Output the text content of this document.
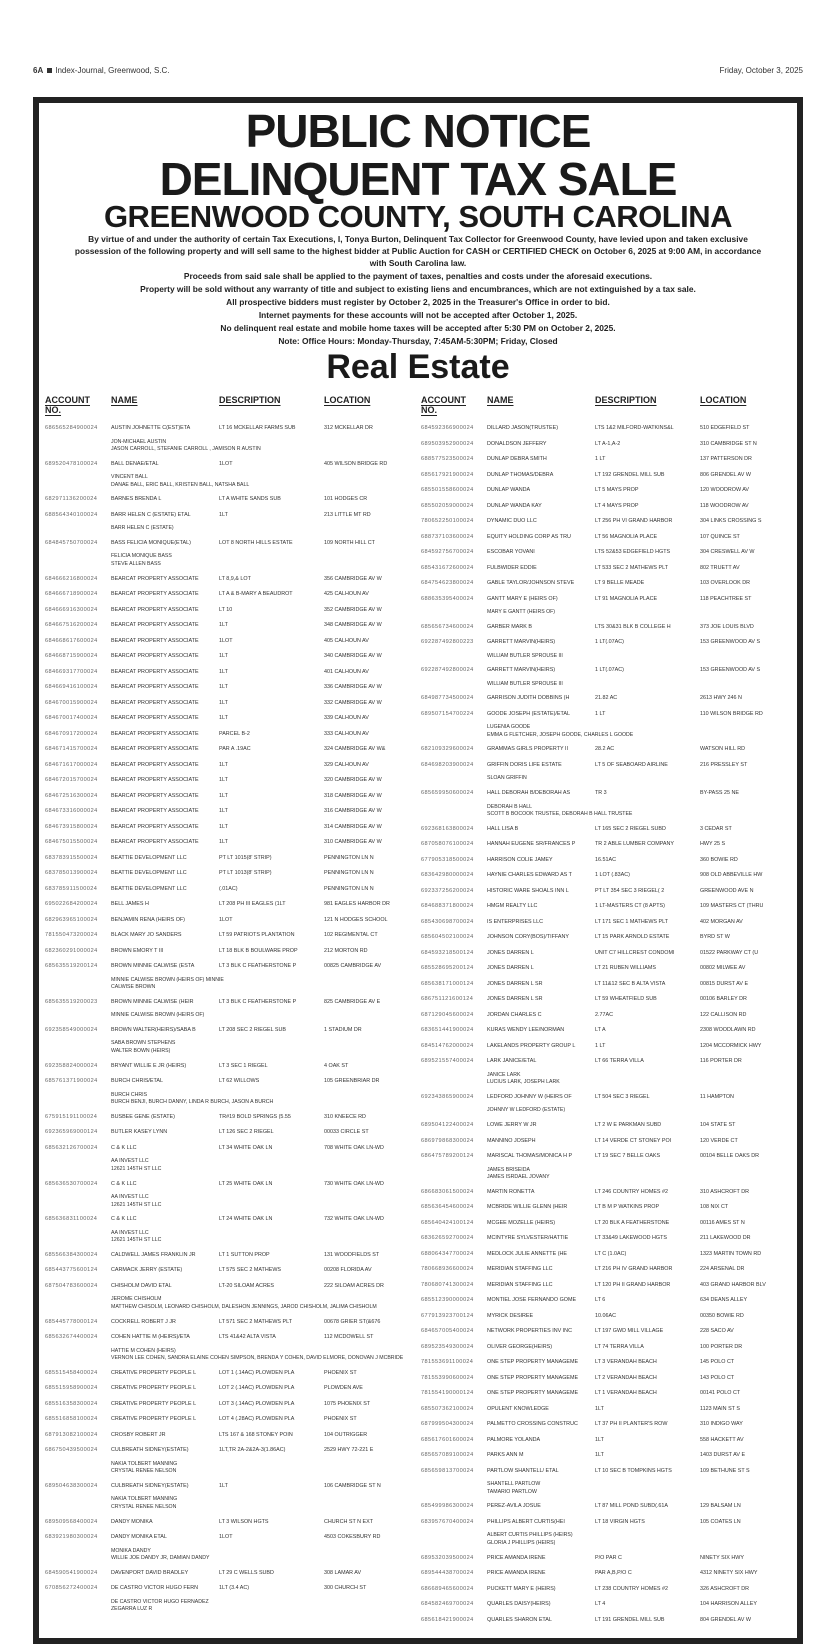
6A Index-Journal, Greenwood, S.C.	Friday, October 3, 2025
PUBLIC NOTICE
DELINQUENT TAX SALE
GREENWOOD COUNTY, SOUTH CAROLINA
By virtue of and under the authority of certain Tax Executions, I, Tonya Burton, Delinquent Tax Collector for Greenwood County, have levied upon and taken exclusive possession of the following property and will sell same to the highest bidder at Public Auction for CASH or CERTIFIED CHECK on October 6, 2025 at 9:00 AM, in accordance with South Carolina law.
Proceeds from said sale shall be applied to the payment of taxes, penalties and costs under the aforesaid executions.
Property will be sold without any warranty of title and subject to existing liens and encumbrances, which are not extinguished by a tax sale.
All prospective bidders must register by October 2, 2025 in the Treasurer's Office in order to bid.
Internet payments for these accounts will not be accepted after October 1, 2025.
No delinquent real estate and mobile home taxes will be accepted after 5:30 PM on October 2, 2025.
Note: Office Hours: Monday-Thursday, 7:45AM-5:30PM; Friday, Closed
Real Estate
ACCOUNT NO.
NAME	DESCRIPTION	LOCATION
686565284900024	AUSTIN JOHNETTE C(EST)ETA	LT 16 MCKELLAR FARMS SUB	312 MCKELLAR DR
JON-MICHAEL AUSTIN
JASON CARROLL, STEFANIE CARROLL , JAMISON R AUSTIN
689520478100024	BALL DENAE/ETAL	1LOT	405 WILSON BRIDGE RD
VINCENT BALL
DANAE BALL, ERIC BALL, KRISTEN BALL, NATSHA BALL
682971136200024	BARNES BRENDA L	LT A WHITE SANDS SUB	101 HODGES CR
688564340100024	BARR HELEN C (ESTATE) ETAL	1LT	213 LITTLE MT RD
BARR HELEN C (ESTATE)
684845750700024	BASS FELICIA MONIQUE(ETAL)	LOT 8 NORTH HILLS ESTATE	109 NORTH HILL CT
FELICIA MONIQUE BASS
STEVE ALLEN BASS
684666216800024	BEARCAT PROPERTY ASSOCIATE	LT 8,9,& LOT	356 CAMBRIDGE AV W
684666718900024	BEARCAT PROPERTY ASSOCIATE	LT A & B-MARY A BEAUDROT	425 CALHOUN AV
684666916300024	BEARCAT PROPERTY ASSOCIATE	LT 10	352 CAMBRIDGE AV W
684667516200024	BEARCAT PROPERTY ASSOCIATE	1LT	348 CAMBRIDGE AV W
684668617600024	BEARCAT PROPERTY ASSOCIATE	1LOT	405 CALHOUN AV
684668715900024	BEARCAT PROPERTY ASSOCIATE	1LT	340 CAMBRIDGE AV W
684669317700024	BEARCAT PROPERTY ASSOCIATE	1LT	401 CALHOUN AV
684669416100024	BEARCAT PROPERTY ASSOCIATE	1LT	336 CAMBRIDGE AV W
684670015900024	BEARCAT PROPERTY ASSOCIATE	1LT	332 CAMBRIDGE AV W
684670017400024	BEARCAT PROPERTY ASSOCIATE	1LT	339 CALHOUN AV
684670917200024	BEARCAT PROPERTY ASSOCIATE	PARCEL B-2	333 CALHOUN AV
684671415700024	BEARCAT PROPERTY ASSOCIATE	PAR A .19AC	324 CAMBRIDGE AV W&
684671617000024	BEARCAT PROPERTY ASSOCIATE	1LT	329 CALHOUN AV
684672015700024	BEARCAT PROPERTY ASSOCIATE	1LT	320 CAMBRIDGE AV W
684672516300024	BEARCAT PROPERTY ASSOCIATE	1LT	318 CAMBRIDGE AV W
684673316000024	BEARCAT PROPERTY ASSOCIATE	1LT	316 CAMBRIDGE AV W
684673915800024	BEARCAT PROPERTY ASSOCIATE	1LT	314 CAMBRIDGE AV W
684675015500024	BEARCAT PROPERTY ASSOCIATE	1LT	310 CAMBRIDGE AV W
683783915500024	BEATTIE DEVELOPMENT LLC	PT LT 1015(8' STRIP)	PENNINGTON LN N
683785013900024	BEATTIE DEVELOPMENT LLC	PT LT 1013(8' STRIP)	PENNINGTON LN N
683785911500024	BEATTIE DEVELOPMENT LLC	(.01AC)	PENNINGTON LN N
695022684200024	BELL JAMES H	LT 208 PH III EAGLES (1LT	981 EAGLES HARBOR DR
682963965100024	BENJAMIN RENA (HEIRS OF)	1LOT	121 N HODGES SCHOOL
781550473200024	BLACK MARY JO SANDERS	LT 59 PATRIOTS PLANTATION	102 REGIMENTAL CT
682360291000024	BROWN EMORY T III	LT 18 BLK B BOULWARE PROP	212 MORTON RD
685635519200124	BROWN MINNIE CALWISE (ESTA	LT 3 BLK C FEATHERSTONE P	00825 CAMBRIDGE AV
MINNIE CALWISE BROWN (HEIRS OF) MINNIE
CALWISE BROWN
685635519200023	BROWN MINNIE CALWISE (HEIR	LT 3 BLK C FEATHERSTONE P	825 CAMBRIDGE AV E
MINNIE CALWISE BROWN (HEIRS OF)
692358549000024	BROWN WALTER(HEIRS)/SABA B	LT 208 SEC 2 RIEGEL SUB	1 STADIUM DR
SABA BROWN STEPHENS
WALTER BOWN (HEIRS)
692358824000024	BRYANT WILLIE E JR (HEIRS)	LT 3 SEC 1 RIEGEL	4 OAK ST
685761371900024	BURCH CHRIS/ETAL	LT 62 WILLOWS	105 GREENBRIAR DR
BURCH CHRIS
BURCH BENJI, BURCH DANNY, LINDA R BURCH, JASON A BURCH
675915191100024	BUSBEE GENE (ESTATE)	TR#19 BOLD SPRINGS (5.55	310 KNEECE RD
692365969000124	BUTLER KASEY LYNN	LT 126 SEC 2 RIEGEL	00033 CIRCLE ST
685632126700024	C & K LLC	LT 34 WHITE OAK LN	708 WHITE OAK LN-WD
AA INVEST LLC
12621 145TH ST LLC
685636530700024	C & K LLC	LT 25 WHITE OAK LN	730 WHITE OAK LN-WD
AA INVEST LLC
12621 145TH ST LLC
685636831100024	C & K LLC	LT 24 WHITE OAK LN	732 WHITE OAK LN-WD
AA INVEST LLC
12621 145TH ST LLC
685566384300024	CALDWELL JAMES FRANKLIN JR	LT 1 SUTTON PROP	131 WOODFIELDS ST
685443775600124	CARMACK JERRY (ESTATE)	LT 575 SEC 2 MATHEWS	00208 FLORIDA AV
687504783600024	CHISHOLM DAVID ETAL	LT-20 SILOAM ACRES	222 SILOAM ACRES DR
JEROME CHISHOLM
MATTHEW CHISOLM, LEONARD CHISHOLM, DALESHON JENNINGS, JAROD CHISHOLM, JALIMA CHISHOLM
685445778000124	COCKRELL ROBERT J JR	LT 571 SEC 2 MATHEWS PLT	00678 GRIER ST(&676
685632674400024	COHEN HATTIE M (HEIRS)/ETA	LTS 41&42 ALTA VISTA	112 MCDOWELL ST
HATTIE M COHEN (HEIRS)
VERNON LEE COHEN, SANDRA ELAINE COHEN SIMPSON, BRENDA Y COHEN, DAVID ELMORE, DONOVAN J MCBRIDE
685515458400024	CREATIVE PROPERTY PEOPLE L	LOT 1 (.14AC) PLOWDEN PLA	PHOENIX ST
685515958900024	CREATIVE PROPERTY PEOPLE L	LOT 2 (.14AC) PLOWDEN PLA	PLOWDEN AVE
685516358300024	CREATIVE PROPERTY PEOPLE L	LOT 3 (.14AC) PLOWDEN PLA	1075 PHOENIX ST
685516858100024	CREATIVE PROPERTY PEOPLE L	LOT 4 (.28AC) PLOWDEN PLA	PHOENIX ST
687913082100024	CROSBY ROBERT JR	LTS 167 & 168 STONEY POIN	104 OUTRIGGER
686750439500024	CULBREATH SIDNEY(ESTATE)	1LT,TR 2A-2&2A-3(1.86AC)	2529 HWY 72-221 E
NAKIA TOLBERT MANNING
CRYSTAL RENEE NELSON
689504638300024	CULBREATH SIDNEY(ESTATE)	1LT	106 CAMBRIDGE ST N
NAKIA TOLBERT MANNING
CRYSTAL RENEE NELSON
689509568400024	DANDY MONIKA	LT 3 WILSON HGTS	CHURCH ST N EXT
683921980300024	DANDY MONIKA ETAL	1LOT	4503 COKESBURY RD
MONIKA DANDY
WILLIE JOE DANDY JR, DAMIAN DANDY
684590541900024	DAVENPORT DAVID BRADLEY	LT 29 C WELLS SUBD	308 LAMAR AV
670856272400024	DE CASTRO VICTOR HUGO FERN	1LT (3.4 AC)	300 CHURCH ST
DE CASTRO VICTOR HUGO FERNADEZ
ZEGARRA LUZ R
ACCOUNT NO.
NAME	DESCRIPTION	LOCATION
684592366900024	DILLARD JASON(TRUSTEE)	LTS 1&2 MILFORD-WATKINS&L	510 EDGEFIELD ST
689503952900024	DONALDSON JEFFERY	LT A-1,A-2	310 CAMBRIDGE ST N
688577523500024	DUNLAP DEBRA SMITH	1 LT	137 PATTERSON DR
685617921900024	DUNLAP THOMAS/DEBRA	LT 192 GRENDEL MILL SUB	806 GRENDEL AV W
685501558600024	DUNLAP WANDA	LT 5 MAYS PROP	120 WOODROW AV
685502059000024	DUNLAP WANDA KAY	LT 4 MAYS PROP	118 WOODROW AV
780652250100024	DYNAMIC DUO LLC	LT 256 PH VI GRAND HARBOR	304 LINKS CROSSING S
688737103600024	EQUITY HOLDING CORP AS TRU	LT 56 MAGNOLIA PLACE	107 QUINCE ST
684592756700024	ESCOBAR YOVANI	LTS 52&53 EDGEFIELD HGTS	304 CRESWELL AV W
685431672600024	FULBWIDER EDDIE	LT 533 SEC 2 MATHEWS PLT	802 TRUETT AV
684754623800024	GABLE TAYLOR/JOHNSON STEVE	LT 9 BELLE MEADE	103 OVERLOOK DR
688635395400024	GANTT MARY E (HEIRS OF)	LT 91 MAGNOLIA PLACE	118 PEACHTREE ST
MARY E GANTT (HEIRS OF)
685656734600024	GARBER MARK B	LTS 30&31 BLK B COLLEGE H	373 JOE LOUIS BLVD
692287492800223	GARRETT MARVIN(HEIRS)	1 LT(.07AC)	153 GREENWOOD AV S
WILLIAM BUTLER SPROUSE III
692287492800024	GARRETT MARVIN(HEIRS)	1 LT(.07AC)	153 GREENWOOD AV S
WILLIAM BUTLER SPROUSE III
684987734500024	GARRISON JUDITH DOBBINS (H	21.82 AC	2613 HWY 246 N
689507154700224	GOODE JOSEPH (ESTATE)/ETAL	1 LT	110 WILSON BRIDGE RD
LUGENIA GOODE
EMMA G FLETCHER, JOSEPH GOODE, CHARLES L GOODE
682109329600024	GRAMMAS GIRLS PROPERTY II	28.2 AC	WATSON HILL RD
684698203900024	GRIFFIN DORIS LIFE ESTATE	LT 5 OF SEABOARD AIRLINE	216 PRESSLEY ST
SLOAN GRIFFIN
685659950600024	HALL DEBORAH B/DEBORAH AS	TR 3	BY-PASS 25 NE
DEBORAH B HALL
SCOTT B BOCOOK TRUSTEE, DEBORAH B HALL TRUSTEE
692368163800024	HALL LISA B	LT 165 SEC 2 RIEGEL SUBD	3 CEDAR ST
687058076100024	HANNAH EUGENE SR/FRANCES P	TR 2 ABLE LUMBER COMPANY	HWY 25 S
677905318500024	HARRISON COLIE JAMEY	16.51AC	360 BOWIE RD
683642980000024	HAYNIE CHARLES EDWARD AS T	1 LOT (.83AC)	908 OLD ABBEVILLE HW
692337256200024	HISTORIC WARE SHOALS INN L	PT LT 354 SEC 3 RIEGEL( 2	GREENWOOD AVE N
684688371800024	HMGM REALTY LLC	1 LT-MASTERS CT (8 APTS)	109 MASTERS CT (THRU
685430698700024	IS ENTERPRISES LLC	LT 171 SEC 1 MATHEWS PLT	402 MORGAN AV
685604502100024	JOHNSON CORY(BOS)/TIFFANY	LT 15 PARK ARNOLD ESTATE	BYRD ST W
684593218500124	JONES DARREN L	UNIT C7 HILLCREST CONDOMI	01522 PARKWAY CT (U
685528695200124	JONES DARREN L	LT 21 RUBEN WILLIAMS	00802 MILWEE AV
685638171000124	JONES DARREN L SR	LT 11&12 SEC B ALTA VISTA	00815 DURST AV E
686751121600124	JONES DARREN L SR	LT 59 WHEATFIELD SUB	00106 BARLEY DR
687129045600024	JORDAN CHARLES C	2.77AC	122 CALLISON RD
683651441900024	KURAS WENDY LEE/NORMAN	LT A	2308 WOODLAWN RD
684514762000024	LAKELANDS PROPERTY GROUP L	1 LT	1204 MCCORMICK HWY
689521557400024	LARK JANICE/ETAL	LT 66 TERRA VILLA	116 PORTER DR
JANICE LARK
LUCIUS LARK, JOSEPH LARK
692343865900024	LEDFORD JOHNNY W (HEIRS OF	LT 504 SEC 3 RIEGEL	11 HAMPTON
JOHNNY W LEDFORD (ESTATE)
689504122400024	LOWE JERRY W JR	LT 2 W E PARKMAN SUBD	104 STATE ST
686979868300024	MANNINO JOSEPH	LT 14 VERDE CT STONEY POI	120 VERDE CT
686475789200124	MARISCAL THOMAS/MONICA H P	LT 19 SEC 7 BELLE OAKS	00104 BELLE OAKS DR
JAMES BRISEIDA
JAMES ISRDAEL JOVANY
686683061500024	MARTIN RONETTA	LT 246 COUNTRY HOMES #2	310 ASHCROFT DR
685636454600024	MCBRIDE WILLIE GLENN (HEIR	LT B M P WATKINS PROP	108 NIX CT
685640424100124	MCGEE MOZELLE (HEIRS)	LT 20 BLK A FEATHERSTONE	00116 AMES ST N
683626592700024	MCINTYRE SYLVESTER/HATTIE	LT 33&49 LAKEWOOD HGTS	211 LAKEWOOD DR
688064347700024	MEDLOCK JULIE ANNETTE (HE	LT C (1.0AC)	1323 MARTIN TOWN RD
780668936600024	MERIDIAN STAFFING LLC	LT 216 PH IV GRAND HARBOR	224 ARSENAL DR
780680741300024	MERIDIAN STAFFING LLC	LT 120 PH II GRAND HARBOR	403 GRAND HARBOR BLV
685512390000024	MONTIEL JOSE FERNANDO GOME	LT 6	634 DEANS ALLEY
677913923700124	MYRICK DESIREE	10.06AC	00350 BOWIE RD
684657005400024	NETWORK PROPERTIES INV INC	LT 197 GWD MILL VILLAGE	228 SACO AV
689523549300024	OLIVER GEORGE(HEIRS)	LT 74 TERRA VILLA	100 PORTER DR
781553691100024	ONE STEP PROPERTY MANAGEME	LT 3 VERANDAH BEACH	145 POLO CT
781553990600024	ONE STEP PROPERTY MANAGEME	LT 2 VERANDAH BEACH	143 POLO CT
781554190000124	ONE STEP PROPERTY MANAGEME	LT 1 VERANDAH BEACH	00141 POLO CT
685507362100024	OPULENT KNOWLEDGE	1LT	1123 MAIN ST S
687999504300024	PALMETTO CROSSING CONSTRUC	LT 37 PH II PLANTER'S ROW	310 INDIGO WAY
685617601600024	PALMORE YOLANDA	1LT	558 HACKETT AV
685657089100024	PARKS ANN M	1LT	1403 DURST AV E
685659813700024	PARTLOW SHANTELL/ ETAL	LT 10 SEC B TOMPKINS HGTS	109 BETHUNE ST S
SHANTELL PARTLOW
TAMARIO PARTLOW
685499986300024	PEREZ-AVILA JOSUE	LT 87 MILL POND SUBD(.61A	129 BALSAM LN
683957670400024	PHILLIPS ALBERT CURTIS(HEI	LT 18 VIRGIN HGTS	105 COATES LN
ALBERT CURTIS PHILLIPS (HEIRS)
GLORIA J PHILLIPS (HEIRS)
689532039500024	PRICE AMANDA IRENE	P/O PAR C	NINETY SIX HWY
689544438700024	PRICE AMANDA IRENE	PAR A,B,P/O C	4312 NINETY SIX HWY
686689465600024	PUCKETT MARY E (HEIRS)	LT 238 COUNTRY HOMES #2	326 ASHCROFT DR
684582469700024	QUARLES DAISY(HEIRS)	LT 4	104 HARRISON ALLEY
685618421900024	QUARLES SHARON ETAL	LT 191 GRENDEL MILL SUB	804 GRENDEL AV W
